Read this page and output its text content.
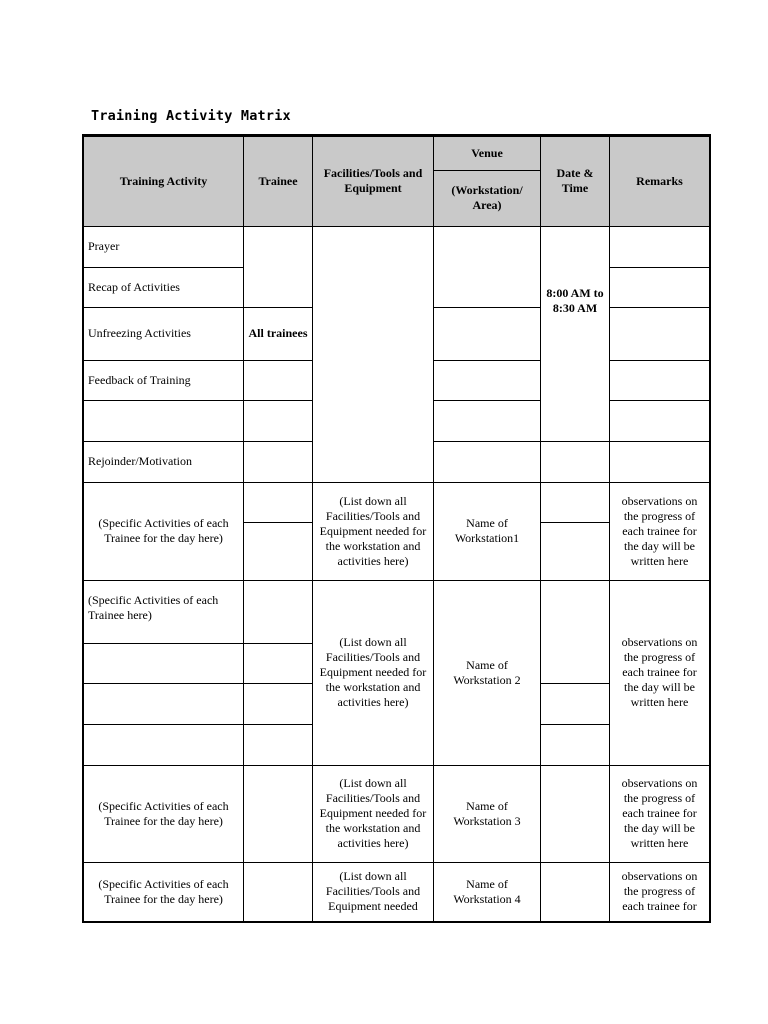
Training Activity Matrix
Training Activity	Trainee	Facilities/Tools and Equipment	Venue	Date & Time	Remarks
			(Workstation/ Area)		
Prayer				8:00 AM to 8:30 AM	
Recap of Activities					
Unfreezing Activities	All trainees				
Feedback of Training					

Rejoinder/Motivation					
(Specific Activities of each Trainee for the day here)		(List down all Facilities/Tools and Equipment needed for the workstation and activities here)	Name of Workstation1		observations on the progress of each trainee for the day will be written here

(Specific Activities of each Trainee here)		(List down all Facilities/Tools and Equipment needed for the workstation and activities here)	Name of Workstation 2		observations on the progress of each trainee for the day will be written here

(Specific Activities of each Trainee for the day here)		(List down all Facilities/Tools and Equipment needed for the workstation and activities here)	Name of Workstation 3		observations on the progress of each trainee for the day will be written here
(Specific Activities of each Trainee for the day here)		(List down all Facilities/Tools and Equipment needed	Name of Workstation 4		observations on the progress of each trainee for
